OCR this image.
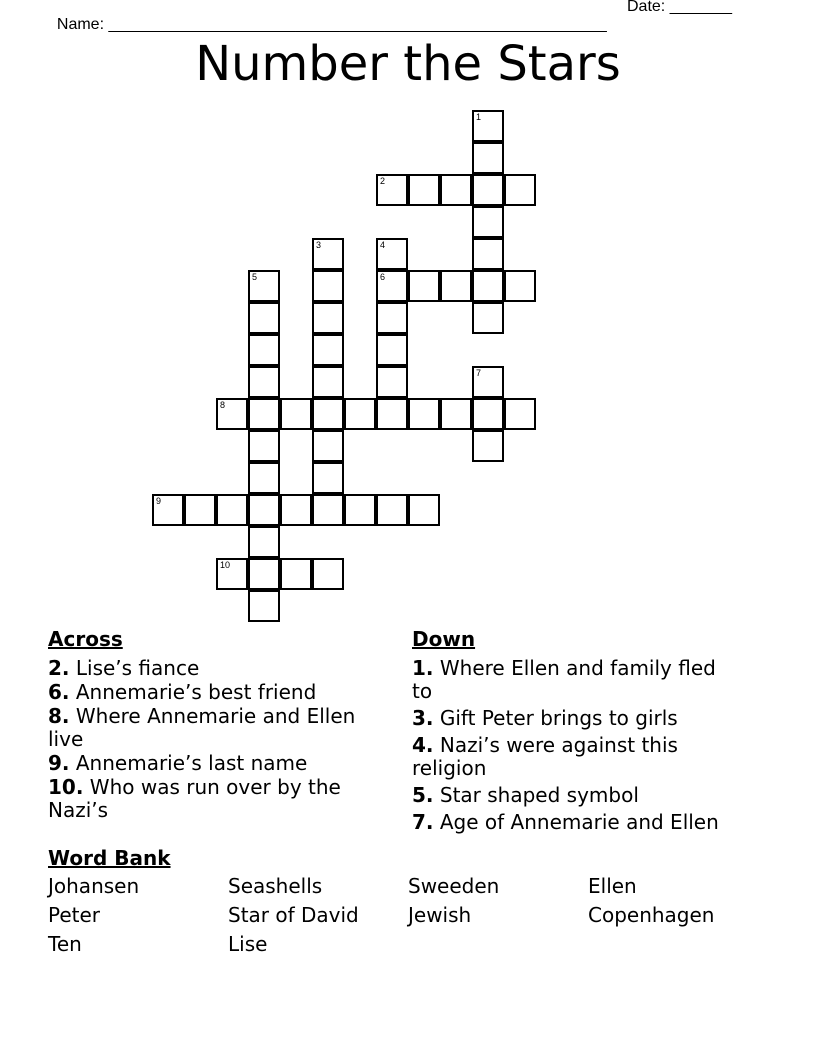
Name: ________________________________________________________

Date: _______

Number the Stars
1
2
3	4
6
5
7
8
9
10
Across
2. Lise’s fiance
6. Annemarie’s best friend
8. Where Annemarie and Ellen live
9. Annemarie’s last name
10. Who was run over by the Nazi’s
Down
1. Where Ellen and family fled to
3. Gift Peter brings to girls
4. Nazi’s were against this religion
5. Star shaped symbol
7. Age of Annemarie and Ellen
Word Bank
Johansen	Seashells	Sweeden	Ellen
Peter	Star of David	Jewish	Copenhagen
Ten	Lise
